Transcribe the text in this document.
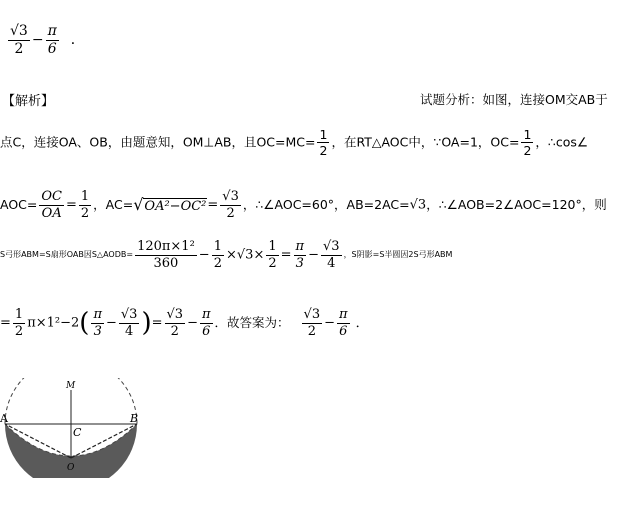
$\frac{√3}{2} - \frac{\pi}{6}$ ．
【解析】	试题分析：如图，连接OM交AB于
点C，连接OA、OB，由题意知，OM⊥AB，且$OC=MC= \frac{1}{2}$ ，在RT△AOC中，∵OA=1，$OC= \frac{1}{2}$ ，∴cos∠
$AOC= \frac{OC}{OA} = \frac{1}{2}$ ，$AC=√OA^2-OC^2= \frac{√3}{2}$ ，∴∠AOC=60°，AB=2AC=√3，∴∠AOB=2∠AOC=120°，则
S弓形ABM=S扇形OAB因S△AODB= $\frac{\text{120π×1²}}{360} - \frac{1}{2} \times√3\times \frac{1}{2} = \frac{\pi}{3} - \frac{√3}{4}$ ，S阴影=S半圆因2S弓形ABM
= $\frac{1}{2} \pi\times 1^2-2( \frac{\pi}{3} - \frac{√3}{4}$ )= $\frac{√3}{2} - \frac{\pi}{6}$ ．故答案为： $\frac{√3}{2} - \frac{\pi}{6}$ ．
M
A	B
C
O
